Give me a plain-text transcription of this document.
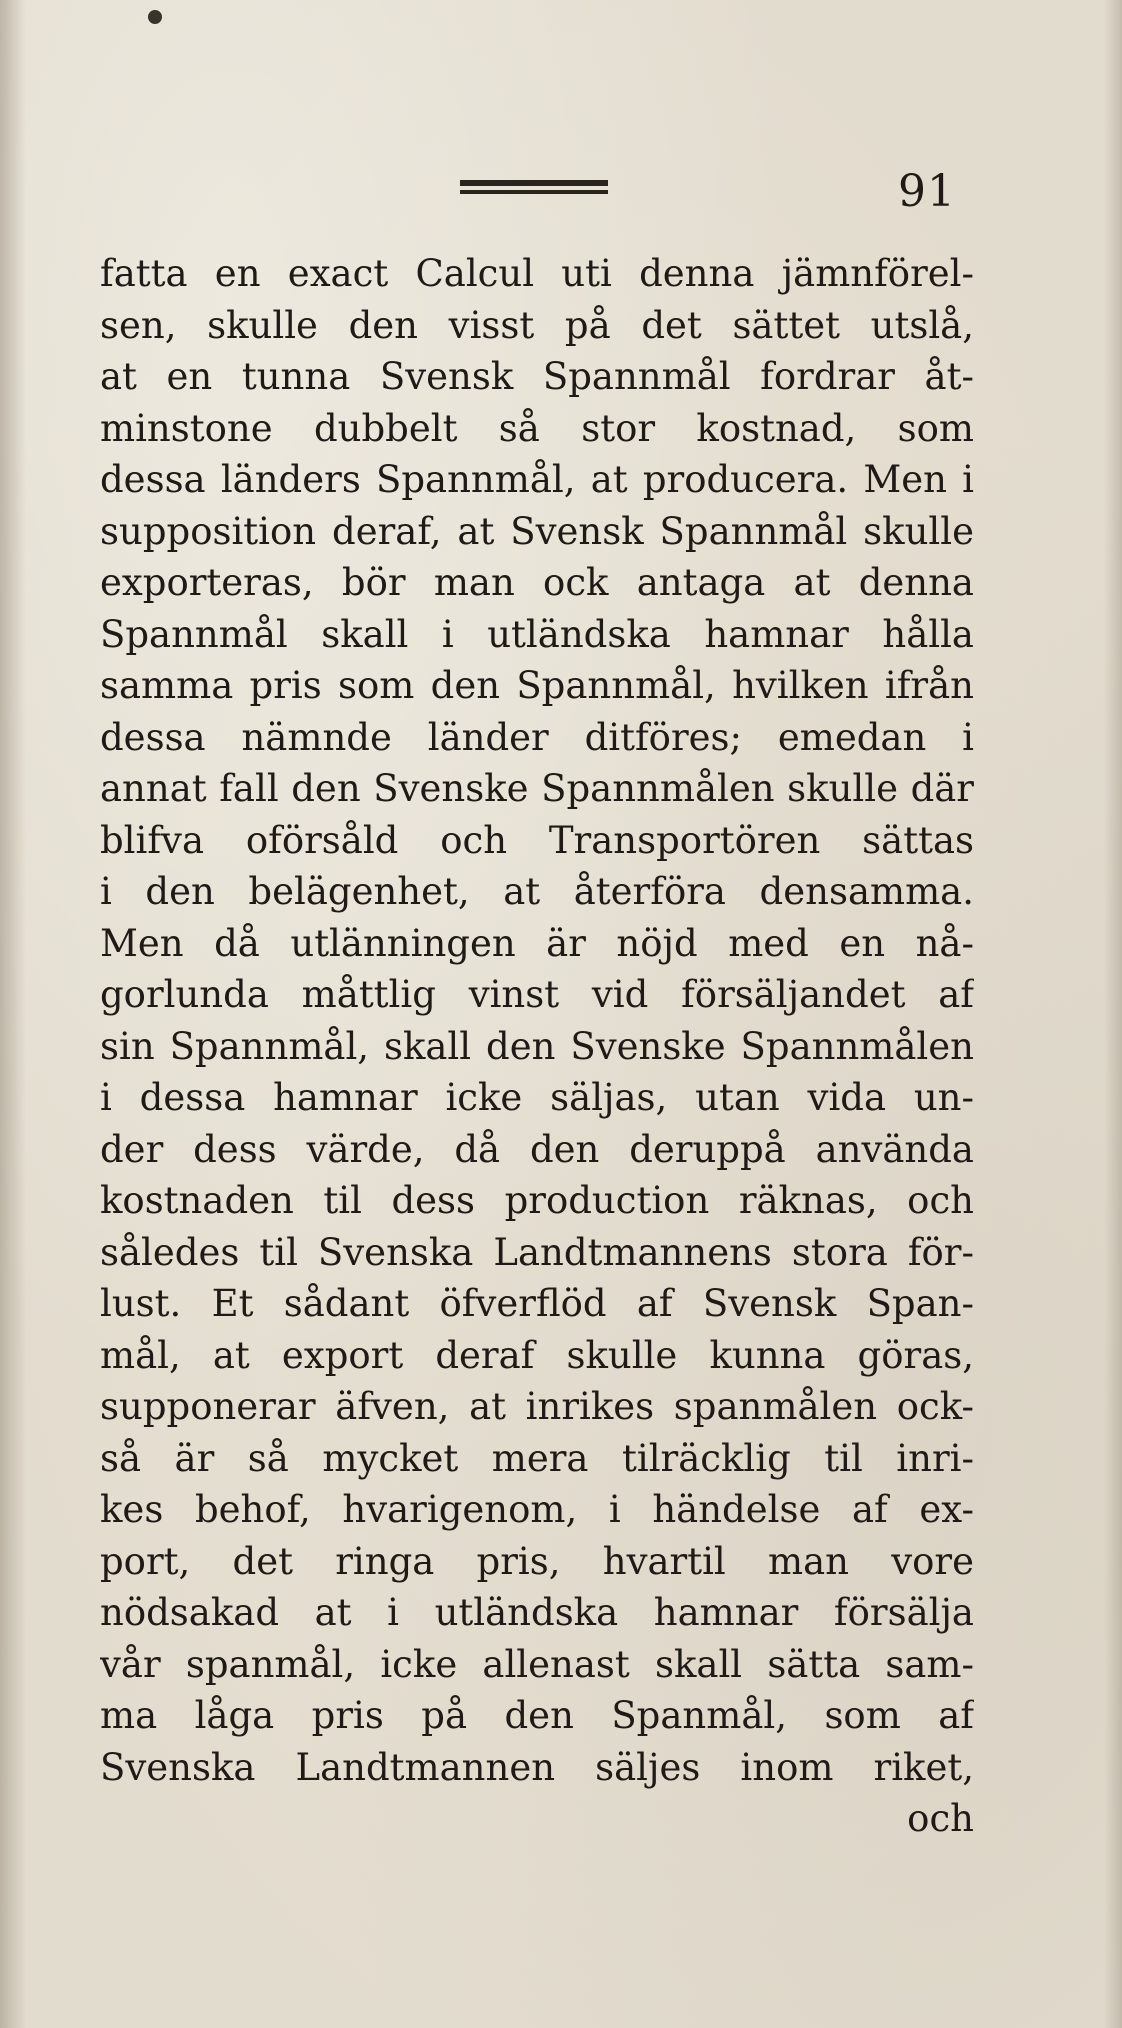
91
fatta en exact Calcul uti denna jämnförel-
sen, skulle den visst på det sättet utslå,
at en tunna Svensk Spannmål fordrar åt-
minstone dubbelt så stor kostnad, som
dessa länders Spannmål, at producera. Men i
supposition deraf, at Svensk Spannmål skulle
exporteras, bör man ock antaga at denna
Spannmål skall i utländska hamnar hålla
samma pris som den Spannmål, hvilken ifrån
dessa nämnde länder ditföres; emedan i
annat fall den Svenske Spannmålen skulle där
blifva oförsåld och Transportören sättas
i den belägenhet, at återföra densamma.
Men då utlänningen är nöjd med en nå-
gorlunda måttlig vinst vid försäljandet af
sin Spannmål, skall den Svenske Spannmålen
i dessa hamnar icke säljas, utan vida un-
der dess värde, då den deruppå använda
kostnaden til dess production räknas, och
således til Svenska Landtmannens stora för-
lust. Et sådant öfverflöd af Svensk Span-
mål, at export deraf skulle kunna göras,
supponerar äfven, at inrikes spanmålen ock-
så är så mycket mera tilräcklig til inri-
kes behof, hvarigenom, i händelse af ex-
port, det ringa pris, hvartil man vore
nödsakad at i utländska hamnar försälja
vår spanmål, icke allenast skall sätta sam-
ma låga pris på den Spanmål, som af
Svenska Landtmannen säljes inom riket,
och
